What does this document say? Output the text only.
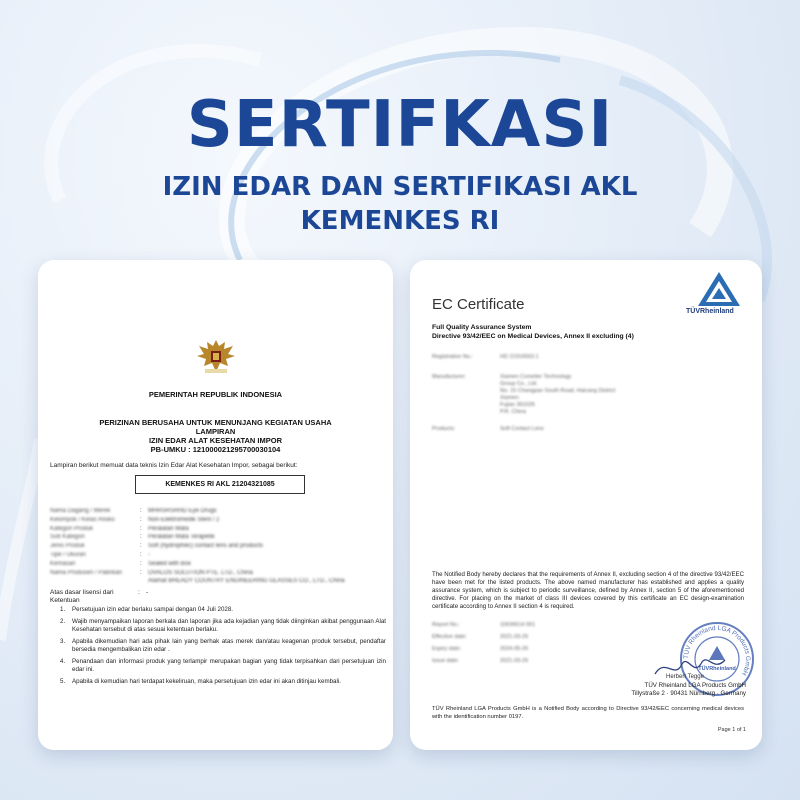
SERTIFKASI
IZIN EDAR DAN SERTIFIKASI AKL
KEMENKES RI
PEMERINTAH REPUBLIK INDONESIA
PERIZINAN BERUSAHA UNTUK MENUNJANG KEGIATAN USAHA
LAMPIRAN
IZIN EDAR ALAT KESEHATAN IMPOR
PB-UMKU : 121000021295700030104
Lampiran berikut memuat data teknis Izin Edar Alat Kesehatan Impor, sebagai berikut:
KEMENKES RI AKL 21204321085
Nama Dagang / Merek	: MHRSRSRHD Eye Drugs
Kelompok / Kelas Risiko	: Non-Elektromedik Steril / 2
Kategori Produk	: Peralatan Mata
Sub Kategori	: Peralatan Mata Terapetik
Jenis Produk	: Soft (hydrophilic) contact lens and products
Tipe / Ukuran	: -
Kemasan	: Sealed with Box
Nama Produsen / Pabrikan	: OVALOS SOLUTION PTE. LTD., China
Alamat BREADY COUNTRY ENGINEERING GLASSES CO., LTD., China
Atas dasar lisensi dari	: -
Ketentuan
1. Persetujuan izin edar berlaku sampai dengan 04 Juli 2028.
2. Wajib menyampaikan laporan berkala dan laporan jika ada kejadian yang tidak diinginkan akibat penggunaan Alat Kesehatan tersebut di atas sesuai ketentuan berlaku.
3. Apabila dikemudian hari ada pihak lain yang berhak atas merek dan/atau keagenan produk tersebut, pendaftar bersedia mengembalikan izin edar .
4. Penandaan dan informasi produk yang terlampir merupakan bagian yang tidak terpisahkan dari persetujuan izin edar ini.
5. Apabila di kemudian hari terdapat kekeliruan, maka persetujuan izin edar ini akan ditinjau kembali.
EC Certificate	TÜVRheinland
Full Quality Assurance System
Directive 93/42/EEC on Medical Devices, Annex II excluding (4)
Registration No.:	HD 21916563.1
Manufacturer:	Xiamen Comelier Technology
Group Co., Ltd.
No. 15 Changpan South Road, Haicang District
Xiamen
Fujian 361026
P.R. China
Products:	Soft Contact Lens
The Notified Body hereby declares that the requirements of Annex II, excluding section 4 of the directive 93/42/EEC have been met for the listed products. The above named manufacturer has established and applies a quality assurance system, which is subject to periodic surveillance, defined by Annex II, section 5 of the aforementioned directive. For placing on the market of class III devices covered by this certificate an EC design-examination certificate according to Annex II section 4 is required.
Report No.:	10636614 001
Effective date:	2021-03-26
Expiry date:	2024-05-26
Issue date:	2021-03-26
TÜV Rheinland LGA Products GmbH
TÜVRheinland
Herbert Tegge
TÜV Rheinland LGA Products GmbH
Tillystraße 2 · 90431 Nürnberg · Germany
TÜV Rheinland LGA Products GmbH is a Notified Body according to Directive 93/42/EEC concerning medical devices with the identification number 0197.
Page 1 of 1
